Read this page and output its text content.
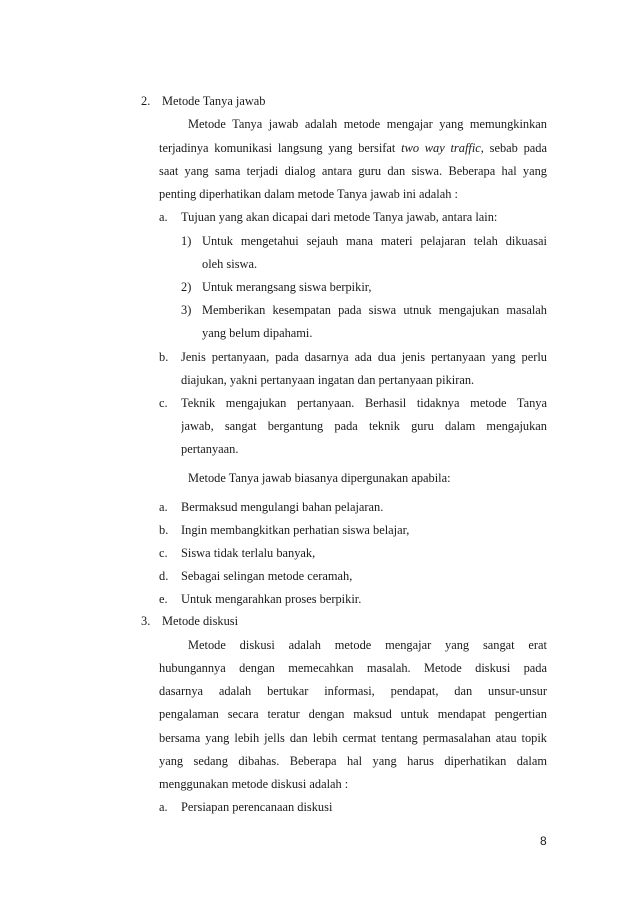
2. Metode Tanya jawab

Metode Tanya jawab adalah metode mengajar yang memungkinkan

terjadinya komunikasi langsung yang bersifat two way traffic, sebab pada

saat yang sama terjadi dialog antara guru dan siswa. Beberapa hal yang

penting diperhatikan dalam metode Tanya jawab ini adalah :

a. Tujuan yang akan dicapai dari metode Tanya jawab, antara lain:

1) Untuk mengetahui sejauh mana materi pelajaran telah dikuasai

oleh siswa.

2) Untuk merangsang siswa berpikir,

3) Memberikan kesempatan pada siswa utnuk mengajukan masalah

yang belum dipahami.

b. Jenis pertanyaan, pada dasarnya ada dua jenis pertanyaan yang perlu

diajukan, yakni pertanyaan ingatan dan pertanyaan pikiran.

c. Teknik mengajukan pertanyaan. Berhasil tidaknya metode Tanya

jawab, sangat bergantung pada teknik guru dalam mengajukan

pertanyaan.

Metode Tanya jawab biasanya dipergunakan apabila:

a. Bermaksud mengulangi bahan pelajaran.

b. Ingin membangkitkan perhatian siswa belajar,

c. Siswa tidak terlalu banyak,

d. Sebagai selingan metode ceramah,

e. Untuk mengarahkan proses berpikir.

3. Metode diskusi

Metode diskusi adalah metode mengajar yang sangat erat

hubungannya dengan memecahkan masalah. Metode diskusi pada

dasarnya adalah bertukar informasi, pendapat, dan unsur-unsur

pengalaman secara teratur dengan maksud untuk mendapat pengertian

bersama yang lebih jells dan lebih cermat tentang permasalahan atau topik

yang sedang dibahas. Beberapa hal yang harus diperhatikan dalam

menggunakan metode diskusi adalah :

a. Persiapan perencanaan diskusi

8
